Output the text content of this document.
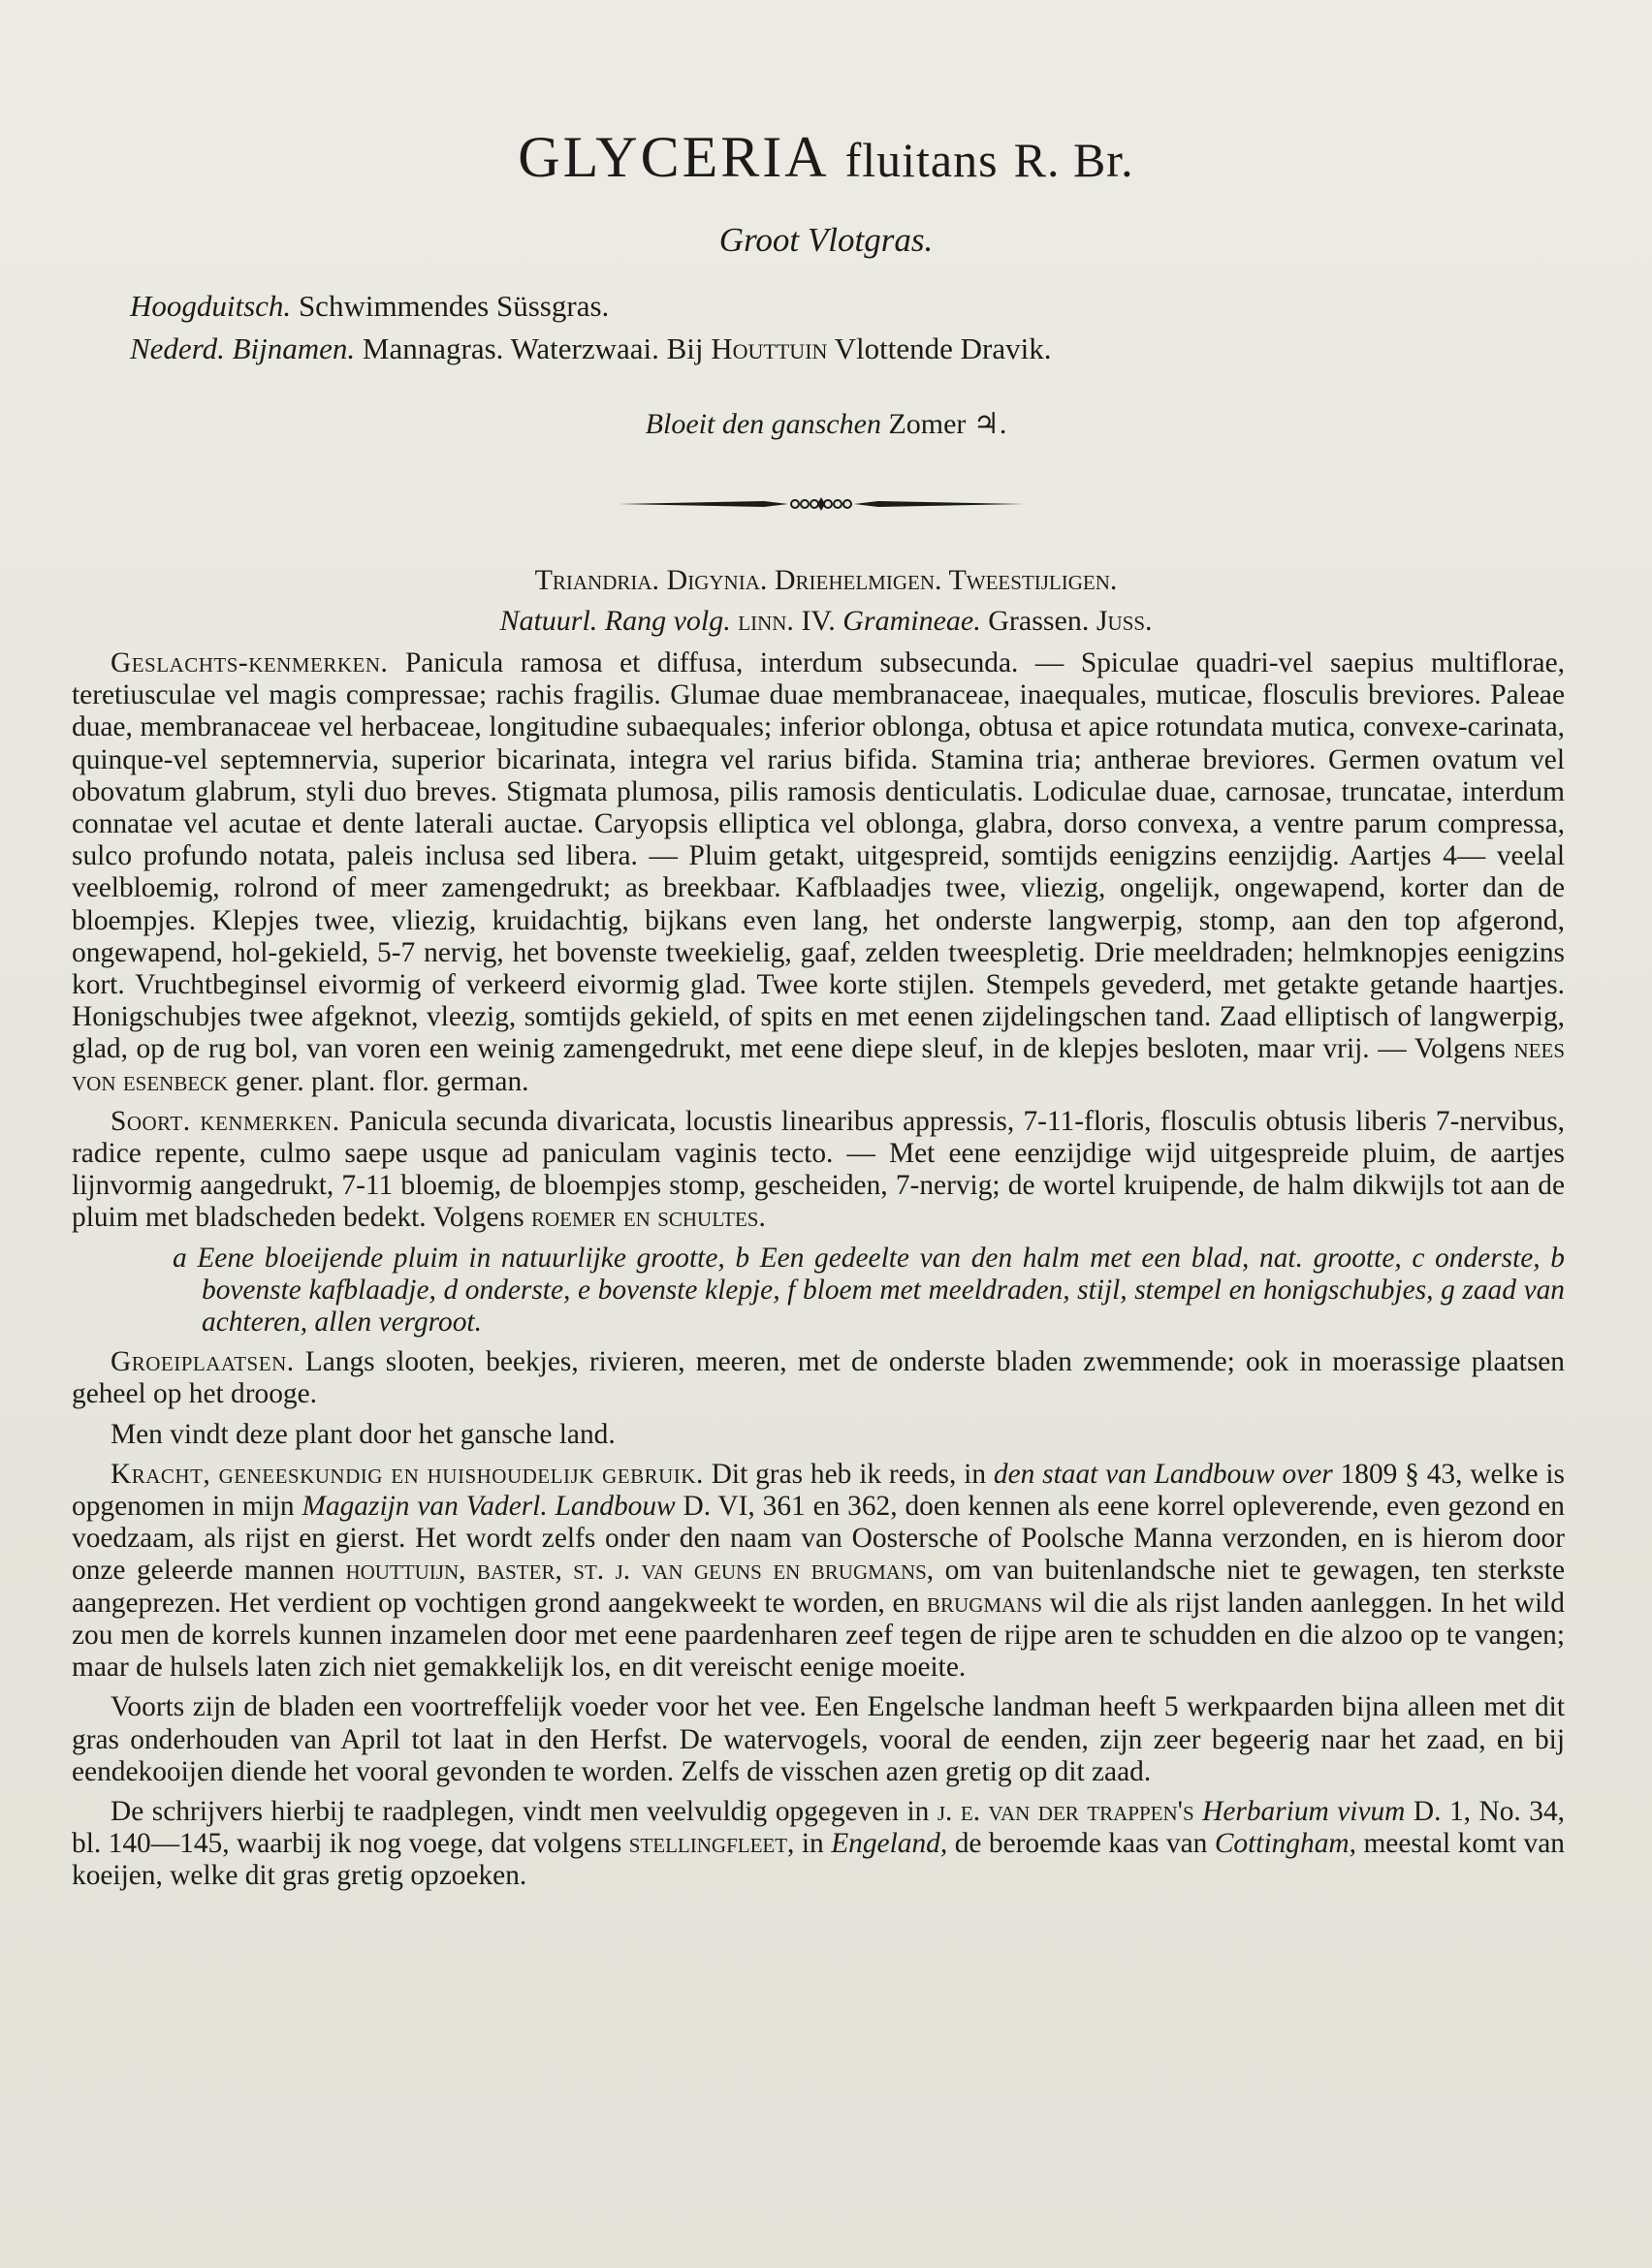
GLYCERIA fluitans R. Br.
Groot Vlotgras.
Hoogduitsch. Schwimmendes Süssgras.
Nederd. Bijnamen. Mannagras. Waterzwaai. Bij Houttuin Vlottende Dravik.
Bloeit den ganschen Zomer ♃.
Triandria. Digynia. Driehelmigen. Tweestijligen.
Natuurl. Rang volg. linn. IV. Gramineae. Grassen. Juss.

Geslachts-kenmerken. Panicula ramosa et diffusa, interdum subsecunda. — Spiculae quadri-vel saepius multiflorae, teretiusculae vel magis compressae; rachis fragilis. Glumae duae membranaceae, inaequales, muticae, flosculis breviores. Paleae duae, membranaceae vel herbaceae, longitudine subaequales; inferior oblonga, obtusa et apice rotundata mutica, convexe-carinata, quinque-vel septemnervia, superior bicarinata, integra vel rarius bifida. Stamina tria; antherae breviores. Germen ovatum vel obovatum glabrum, styli duo breves. Stigmata plumosa, pilis ramosis denticulatis. Lodiculae duae, carnosae, truncatae, interdum connatae vel acutae et dente laterali auctae. Caryopsis elliptica vel oblonga, glabra, dorso convexa, a ventre parum compressa, sulco profundo notata, paleis inclusa sed libera. — Pluim getakt, uitgespreid, somtijds eenigzins eenzijdig. Aartjes 4— veelal veelbloemig, rolrond of meer zamengedrukt; as breekbaar. Kafblaadjes twee, vliezig, ongelijk, ongewapend, korter dan de bloempjes. Klepjes twee, vliezig, kruidachtig, bijkans even lang, het onderste langwerpig, stomp, aan den top afgerond, ongewapend, hol-gekield, 5-7 nervig, het bovenste tweekielig, gaaf, zelden tweespletig. Drie meeldraden; helmknopjes eenigzins kort. Vruchtbeginsel eivormig of verkeerd eivormig glad. Twee korte stijlen. Stempels gevederd, met getakte getande haartjes. Honigschubjes twee afgeknot, vleezig, somtijds gekield, of spits en met eenen zijdelingschen tand. Zaad elliptisch of langwerpig, glad, op de rug bol, van voren een weinig zamengedrukt, met eene diepe sleuf, in de klepjes besloten, maar vrij. — Volgens nees von esenbeck gener. plant. flor. german.

Soort. kenmerken. Panicula secunda divaricata, locustis linearibus appressis, 7-11-floris, flosculis obtusis liberis 7-nervibus, radice repente, culmo saepe usque ad paniculam vaginis tecto. — Met eene eenzijdige wijd uitgespreide pluim, de aartjes lijnvormig aangedrukt, 7-11 bloemig, de bloempjes stomp, gescheiden, 7-nervig; de wortel kruipende, de halm dikwijls tot aan de pluim met bladscheden bedekt. Volgens roemer en schultes.

a Eene bloeijende pluim in natuurlijke grootte, b Een gedeelte van den halm met een blad, nat. grootte, c onderste, b bovenste kafblaadje, d onderste, e bovenste klepje, f bloem met meeldraden, stijl, stempel en honigschubjes, g zaad van achteren, allen vergroot.

Groeiplaatsen. Langs slooten, beekjes, rivieren, meeren, met de onderste bladen zwemmende; ook in moerassige plaatsen geheel op het drooge.

Men vindt deze plant door het gansche land.

Kracht, geneeskundig en huishoudelijk gebruik. Dit gras heb ik reeds, in den staat van Landbouw over 1809 § 43, welke is opgenomen in mijn Magazijn van Vaderl. Landbouw D. VI, 361 en 362, doen kennen als eene korrel opleverende, even gezond en voedzaam, als rijst en gierst. Het wordt zelfs onder den naam van Oostersche of Poolsche Manna verzonden, en is hierom door onze geleerde mannen houttuijn, baster, st. j. van geuns en brugmans, om van buitenlandsche niet te gewagen, ten sterkste aangeprezen. Het verdient op vochtigen grond aangekweekt te worden, en brugmans wil die als rijst landen aanleggen. In het wild zou men de korrels kunnen inzamelen door met eene paardenharen zeef tegen de rijpe aren te schudden en die alzoo op te vangen; maar de hulsels laten zich niet gemakkelijk los, en dit vereischt eenige moeite.

Voorts zijn de bladen een voortreffelijk voeder voor het vee. Een Engelsche landman heeft 5 werkpaarden bijna alleen met dit gras onderhouden van April tot laat in den Herfst. De watervogels, vooral de eenden, zijn zeer begeerig naar het zaad, en bij eendekooijen diende het vooral gevonden te worden. Zelfs de visschen azen gretig op dit zaad.

De schrijvers hierbij te raadplegen, vindt men veelvuldig opgegeven in j. e. van der trappen's Herbarium vivum D. 1, No. 34, bl. 140—145, waarbij ik nog voege, dat volgens stellingfleet, in Engeland, de beroemde kaas van Cottingham, meestal komt van koeijen, welke dit gras gretig opzoeken.
